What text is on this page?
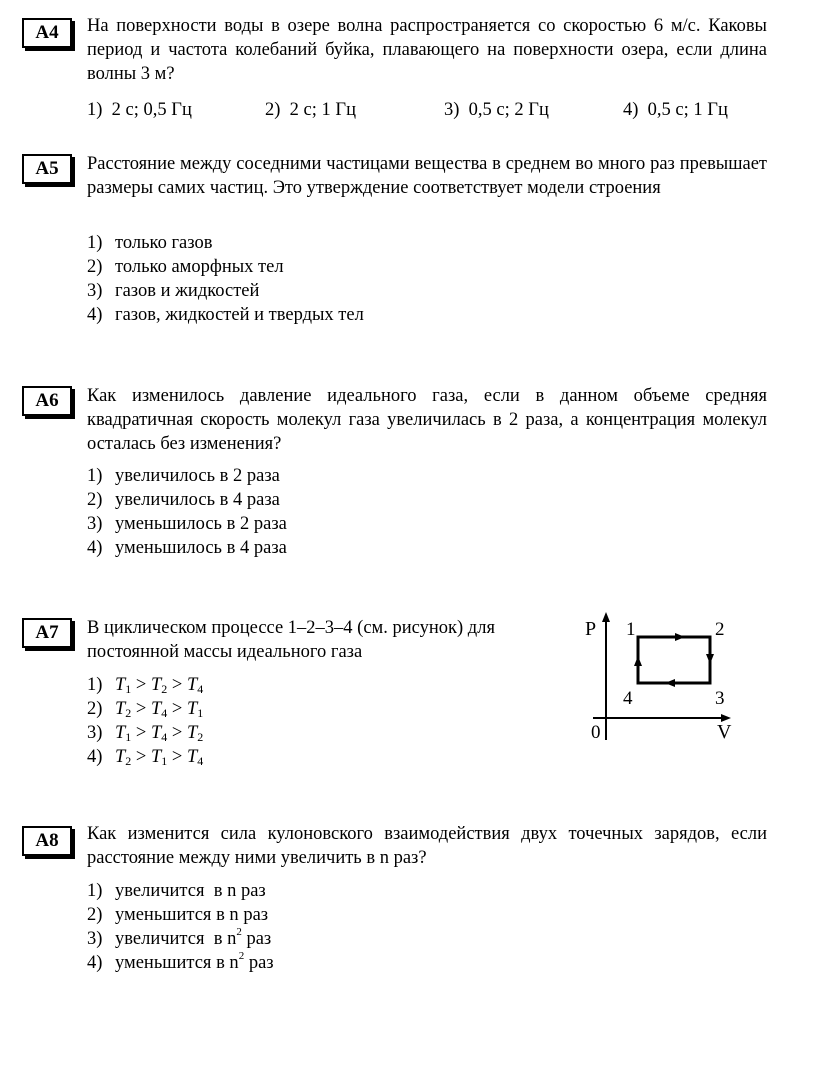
A4	На поверхности воды в озере волна распространяется со скоростью 6 м/с. Каковы период и частота колебаний буйка, плавающего на поверхности озера, если длина волны 3 м?
1) 2 с; 0,5 Гц	2) 2 с; 1 Гц	3) 0,5 с; 2 Гц	4) 0,5 с; 1 Гц
A5	Расстояние между соседними частицами вещества в среднем во много раз превышает размеры самих частиц. Это утверждение соответствует модели строения
1) только газов
2) только аморфных тел
3) газов и жидкостей
4) газов, жидкостей и твердых тел
A6	Как изменилось давление идеального газа, если в данном объеме средняя квадратичная скорость молекул газа увеличилась в 2 раза, а концентрация молекул осталась без изменения?
1) увеличилось в 2 раза
2) увеличилось в 4 раза
3) уменьшилось в 2 раза
4) уменьшилось в 4 раза
A7	В циклическом процессе 1–2–3–4 (см. рисунок) для постоянной массы идеального газа
1) $T_1 > T_2 > T_4$
2) $T_2 > T_4 > T_1$
3) $T_1 > T_4 > T_2$
4) $T_2 > T_1 > T_4$
P
V
0
1	2
3
4
A8	Как изменится сила кулоновского взаимодействия двух точечных зарядов, если расстояние между ними увеличить в n раз?
1) увеличится  в n раз
2) уменьшится в n раз
3) увеличится  в $n^2$ раз
4) уменьшится в $n^2$ раз
